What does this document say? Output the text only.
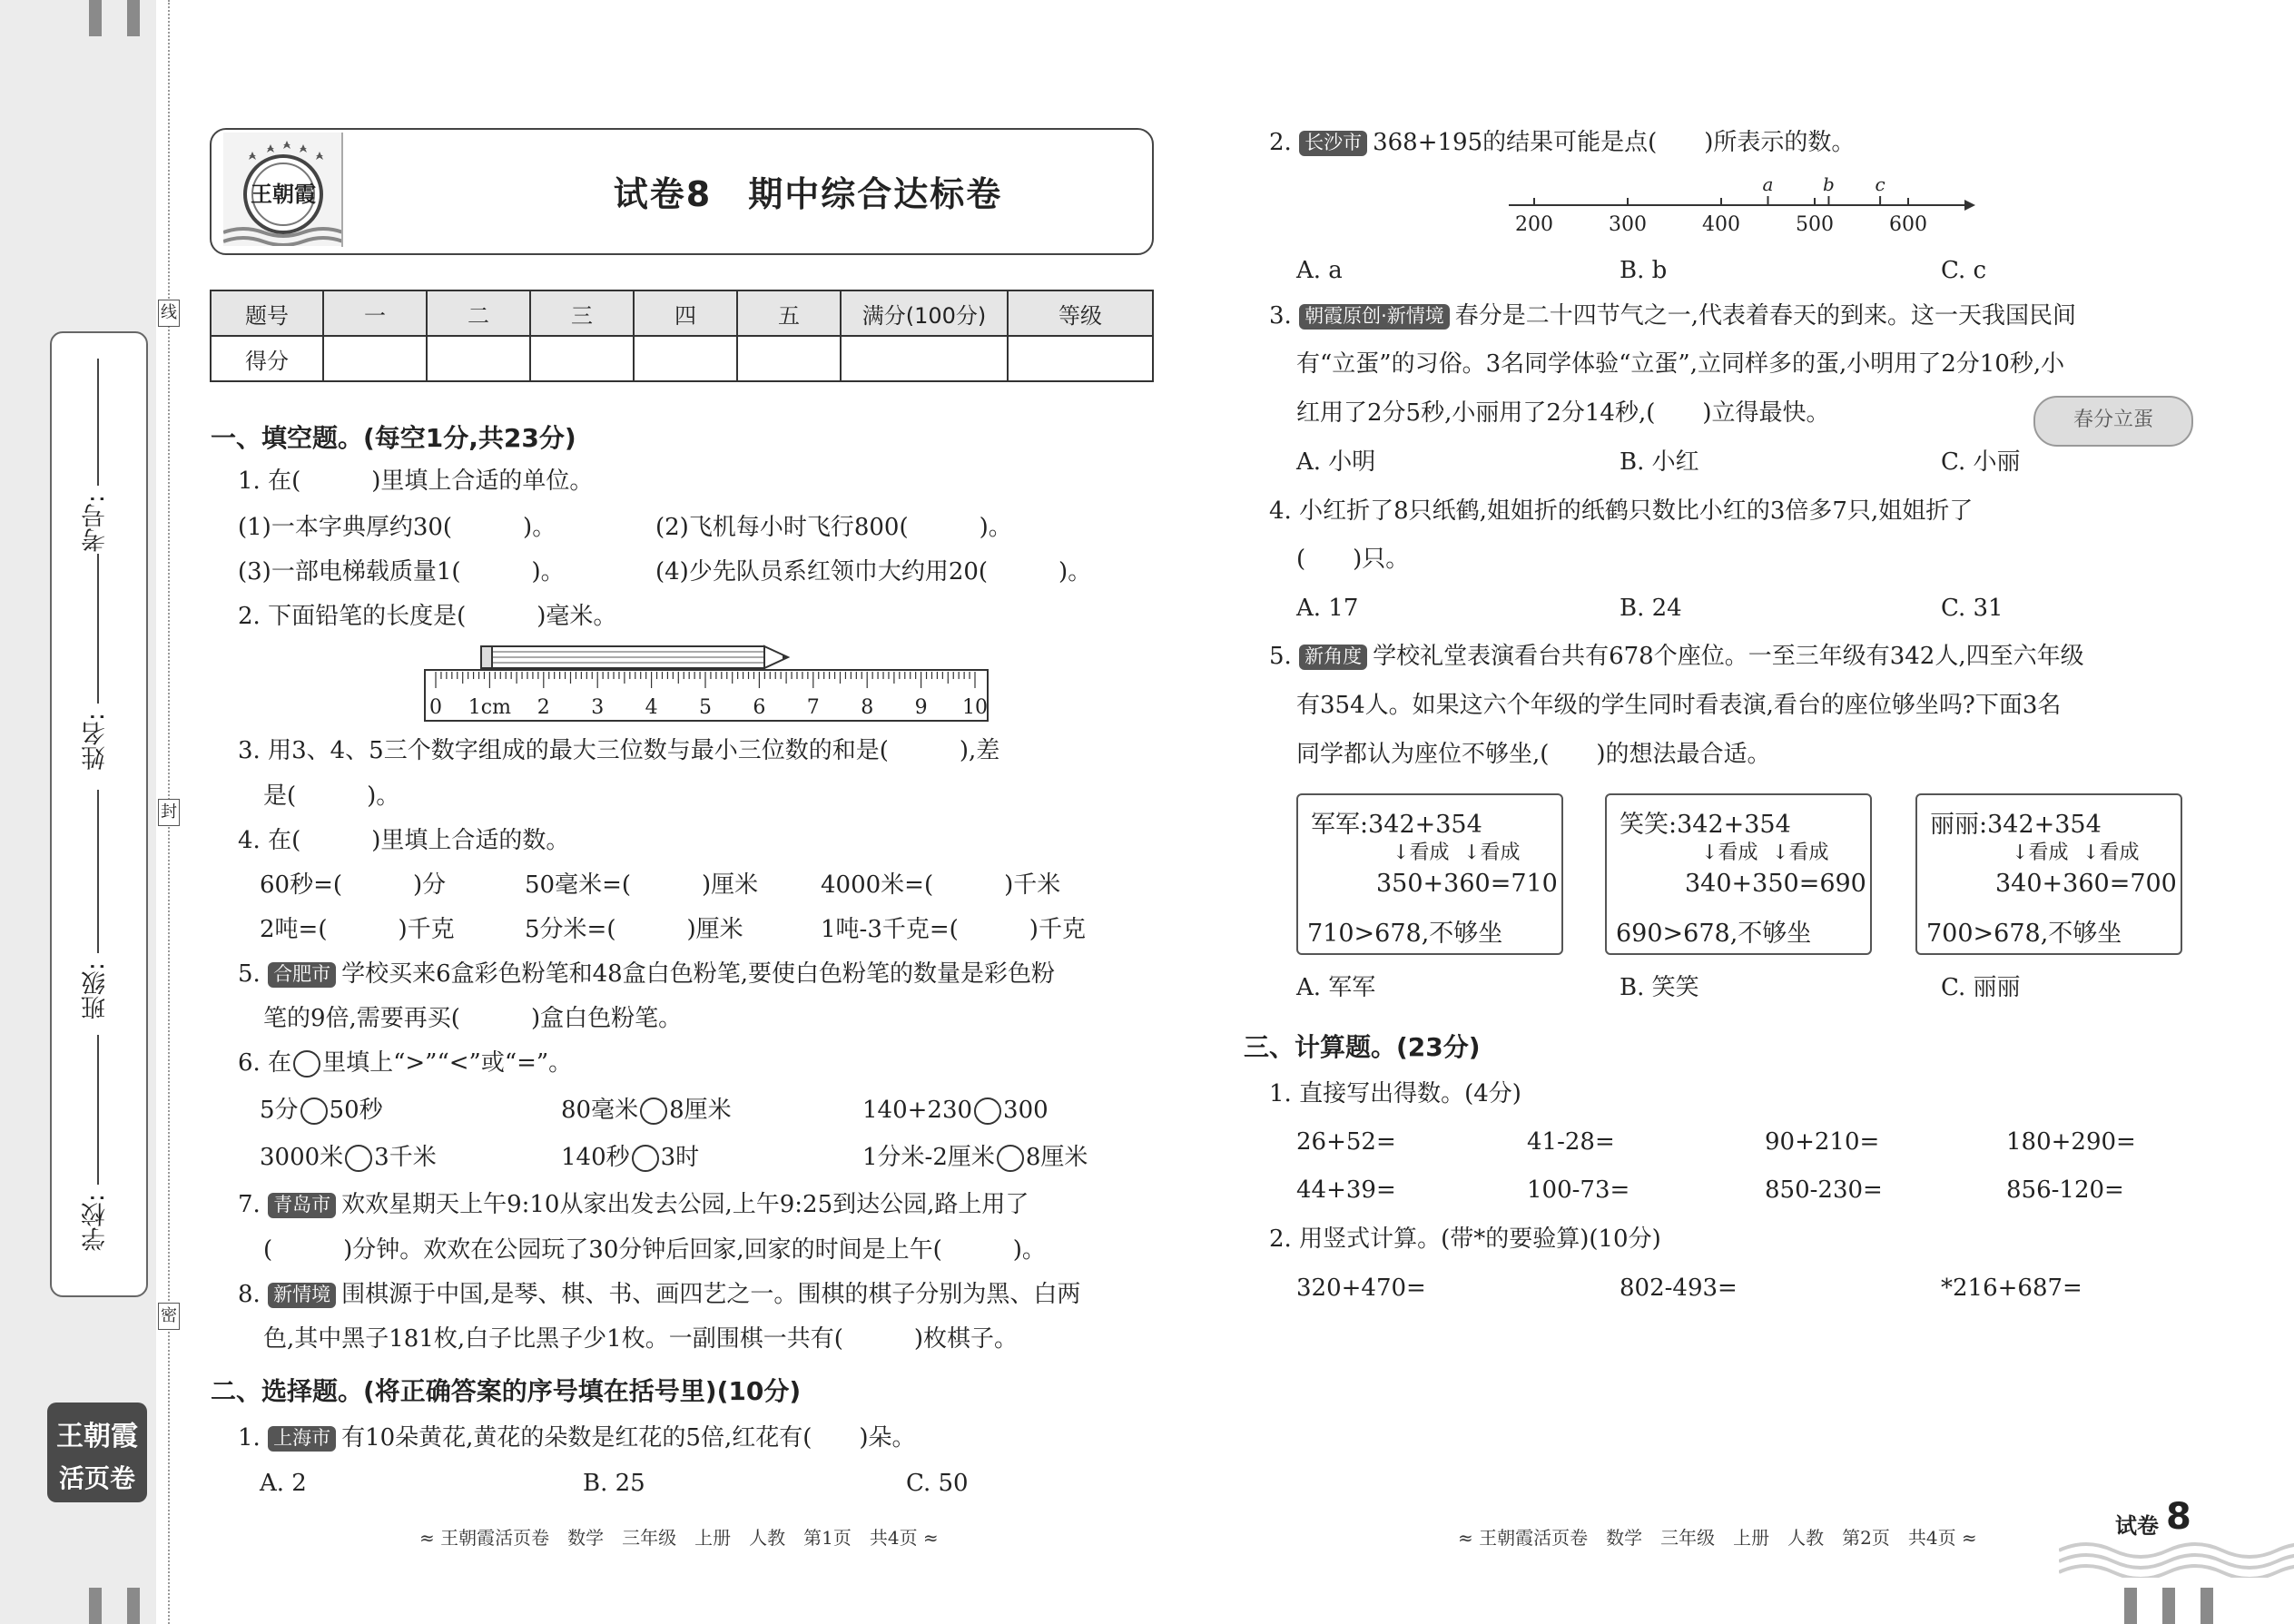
考号:
姓名:
班级:
学校:
线
封
密
王朝霞
活页卷
王朝霞	试卷8　期中综合达标卷
题号	一	二	三	四	五	满分(100分)	等级
得分							
一、填空题。(每空1分,共23分)
1. 在(　　　)里填上合适的单位。
(1)一本字典厚约30(　　　)。	(2)飞机每小时飞行800(　　　)。
(3)一部电梯载质量1(　　　)。	(4)少先队员系红领巾大约用20(　　　)。
2. 下面铅笔的长度是(　　　)毫米。
0 1cm 2 3 4 5 6 7 8 9 10
3. 用3、4、5三个数字组成的最大三位数与最小三位数的和是(　　　),差
是(　　　)。
4. 在(　　　)里填上合适的数。
60秒=(　　　)分	50毫米=(　　　)厘米	4000米=(　　　)千米
2吨=(　　　)千克	5分米=(　　　)厘米	1吨-3千克=(　　　)千克
5. 合肥市 学校买来6盒彩色粉笔和48盒白色粉笔,要使白色粉笔的数量是彩色粉
笔的9倍,需要再买(　　　)盒白色粉笔。
6. 在 里填上“>”“<”或“=”。
5分 50秒	80毫米 8厘米	140+230 300
3000米 3千米	140秒 3时	1分米-2厘米 8厘米
7. 青岛市 欢欢星期天上午9:10从家出发去公园,上午9:25到达公园,路上用了
(　　　)分钟。欢欢在公园玩了30分钟后回家,回家的时间是上午(　　　)。
8. 新情境 围棋源于中国,是琴、棋、书、画四艺之一。围棋的棋子分别为黑、白两
色,其中黑子181枚,白子比黑子少1枚。一副围棋一共有(　　　)枚棋子。
二、选择题。(将正确答案的序号填在括号里)(10分)
1. 上海市 有10朵黄花,黄花的朵数是红花的5倍,红花有(　　)朵。
A. 2	B. 25	C. 50
≈ 王朝霞活页卷　数学　三年级　上册　人教　第1页　共4页 ≈
2. 长沙市 368+195的结果可能是点(　　)所表示的数。
200	300	400	500	600
a	b c
A. a	B. b	C. c
3. 朝霞原创·新情境 春分是二十四节气之一,代表着春天的到来。这一天我国民间
有“立蛋”的习俗。3名同学体验“立蛋”,立同样多的蛋,小明用了2分10秒,小
红用了2分5秒,小丽用了2分14秒,(　　)立得最快。	春分立蛋
A. 小明	B. 小红	C. 小丽
4. 小红折了8只纸鹤,姐姐折的纸鹤只数比小红的3倍多7只,姐姐折了
(　　)只。
A. 17	B. 24	C. 31
5. 新角度 学校礼堂表演看台共有678个座位。一至三年级有342人,四至六年级
有354人。如果这六个年级的学生同时看表演,看台的座位够坐吗?下面3名
同学都认为座位不够坐,(　　)的想法最合适。
军军:342+354
↓看成 ↓看成
350+360=710
710>678,不够坐
笑笑:342+354
↓看成 ↓看成
340+350=690
690>678,不够坐
丽丽:342+354
↓看成 ↓看成
340+360=700
700>678,不够坐
A. 军军	B. 笑笑	C. 丽丽
三、计算题。(23分)
1. 直接写出得数。(4分)
26+52=	41-28=	90+210=	180+290=
44+39=	100-73=	850-230=	856-120=
2. 用竖式计算。(带*的要验算)(10分)
320+470=	802-493=	*216+687=
≈ 王朝霞活页卷　数学　三年级　上册　人教　第2页　共4页 ≈	试卷 8
